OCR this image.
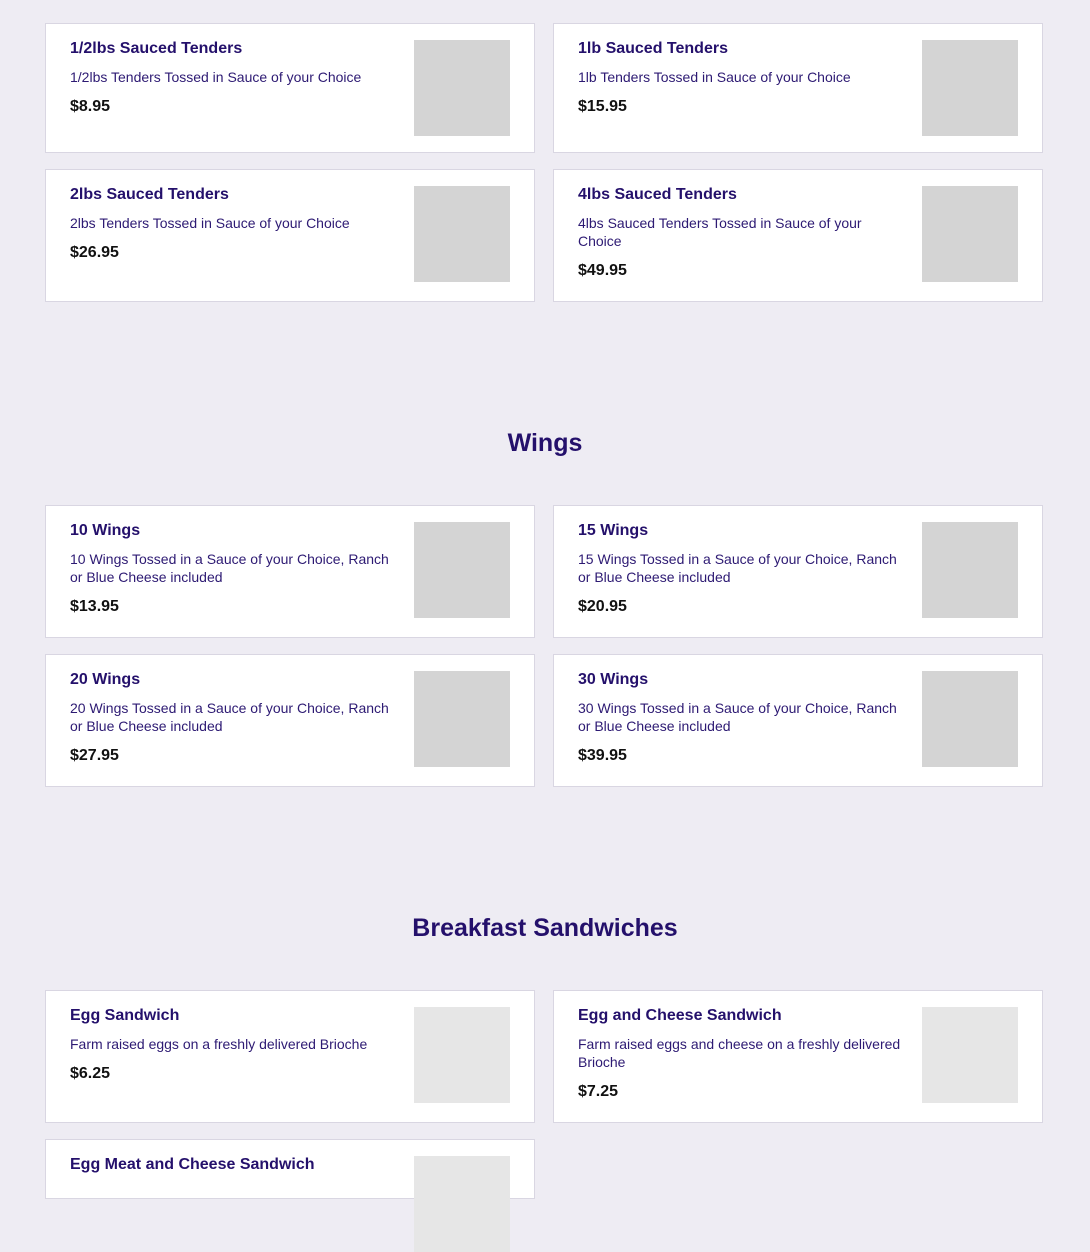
1/2lbs Sauced Tenders

1/2lbs Tenders Tossed in Sauce of your Choice

$8.95

1lb Sauced Tenders

1lb Tenders Tossed in Sauce of your Choice

$15.95

2lbs Sauced Tenders

2lbs Tenders Tossed in Sauce of your Choice

$26.95

4lbs Sauced Tenders

4lbs Sauced Tenders Tossed in Sauce of your Choice

$49.95

Wings

10 Wings

10 Wings Tossed in a Sauce of your Choice, Ranch or Blue Cheese included

$13.95

15 Wings

15 Wings Tossed in a Sauce of your Choice, Ranch or Blue Cheese included

$20.95

20 Wings

20 Wings Tossed in a Sauce of your Choice, Ranch or Blue Cheese included

$27.95

30 Wings

30 Wings Tossed in a Sauce of your Choice, Ranch or Blue Cheese included

$39.95

Breakfast Sandwiches

Egg Sandwich

Farm raised eggs on a freshly delivered Brioche

$6.25

Egg and Cheese Sandwich

Farm raised eggs and cheese on a freshly delivered Brioche

$7.25

Egg Meat and Cheese Sandwich
